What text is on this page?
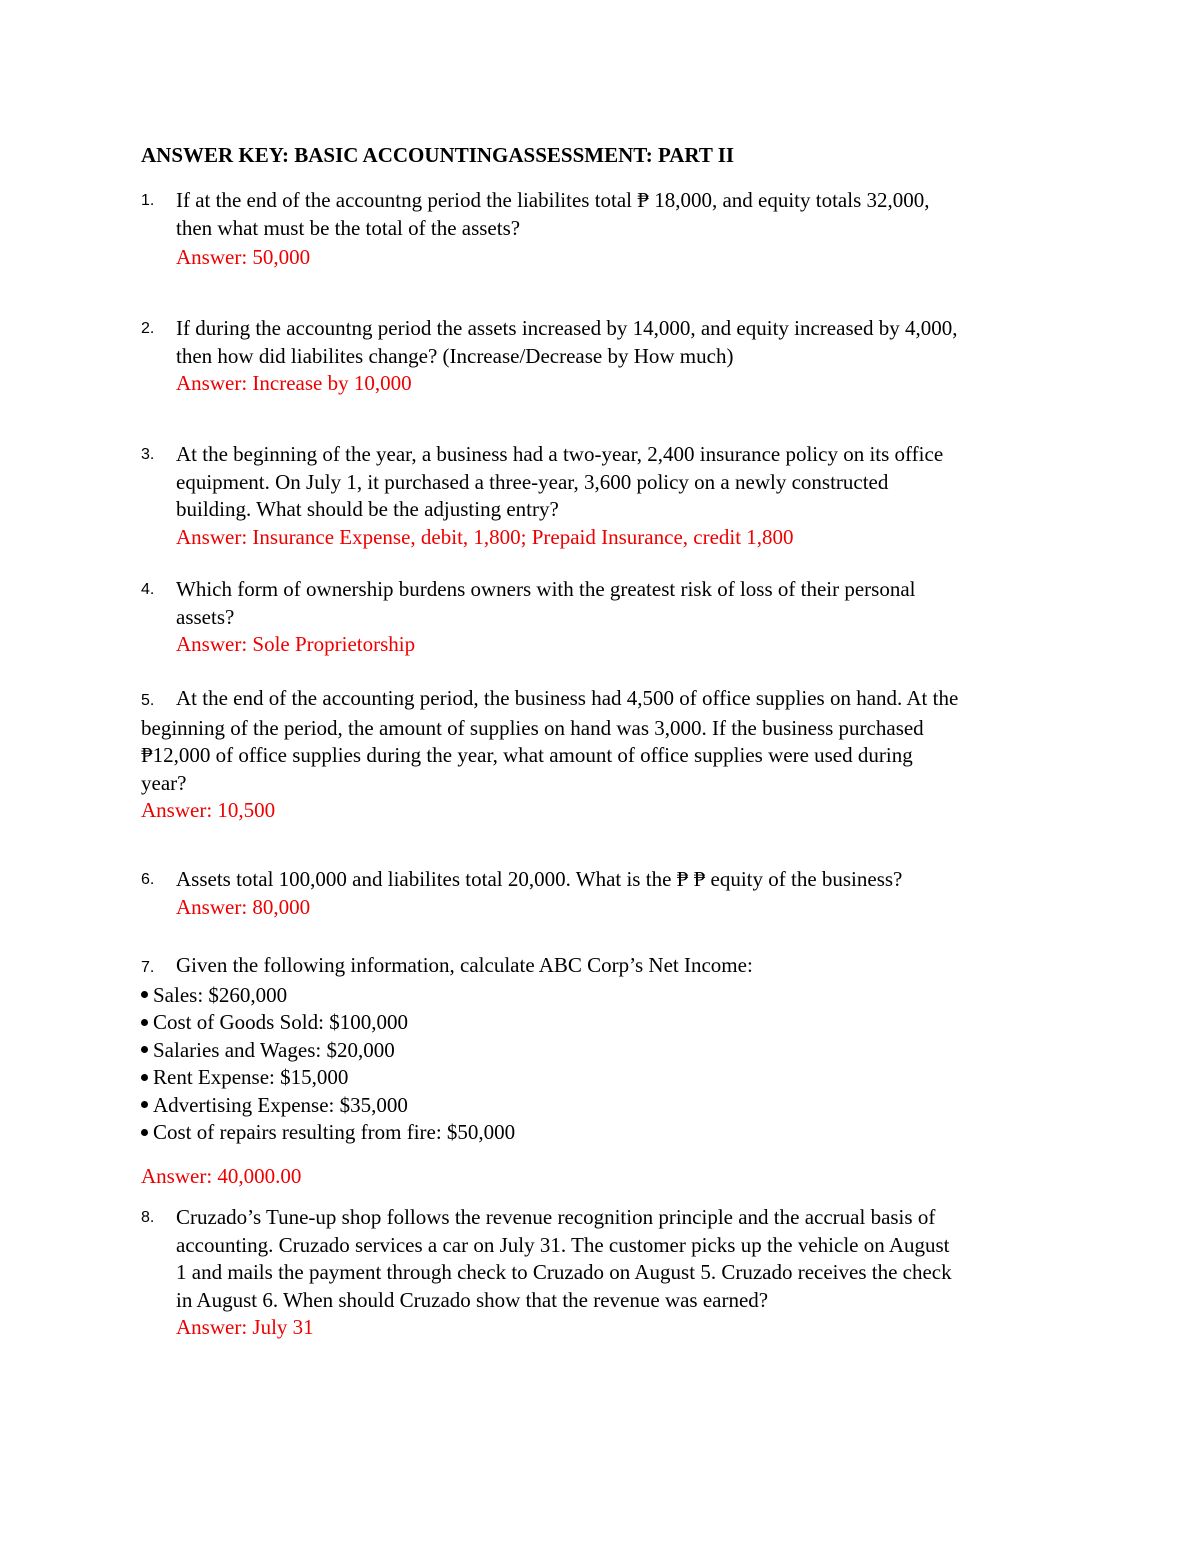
ANSWER KEY: BASIC ACCOUNTINGASSESSMENT: PART II
1.	If at the end of the accountng period the liabilites total ₱ 18,000, and equity totals 32,000,
then what must be the total of the assets?
Answer: 50,000
2.	If during the accountng period the assets increased by 14,000, and equity increased by 4,000,
then how did liabilites change? (Increase/Decrease by How much)
Answer: Increase by 10,000
3.	At the beginning of the year, a business had a two-year, 2,400 insurance policy on its office
equipment. On July 1, it purchased a three-year, 3,600 policy on a newly constructed
building. What should be the adjusting entry?
Answer: Insurance Expense, debit, 1,800; Prepaid Insurance, credit 1,800
4.	Which form of ownership burdens owners with the greatest risk of loss of their personal
assets?
Answer: Sole Proprietorship
5. At the end of the accounting period, the business had 4,500 of office supplies on hand. At the
beginning of the period, the amount of supplies on hand was 3,000. If the business purchased
₱12,000 of office supplies during the year, what amount of office supplies were used during
year?
Answer: 10,500
6.	Assets total 100,000 and liabilites total 20,000. What is the ₱ ₱ equity of the business?
Answer: 80,000
7. Given the following information, calculate ABC Corp’s Net Income:
Sales: $260,000
Cost of Goods Sold: $100,000
Salaries and Wages: $20,000
Rent Expense: $15,000
Advertising Expense: $35,000
Cost of repairs resulting from fire: $50,000
Answer: 40,000.00
8.	Cruzado’s Tune-up shop follows the revenue recognition principle and the accrual basis of
accounting. Cruzado services a car on July 31. The customer picks up the vehicle on August
1 and mails the payment through check to Cruzado on August 5. Cruzado receives the check
in August 6. When should Cruzado show that the revenue was earned?
Answer: July 31
